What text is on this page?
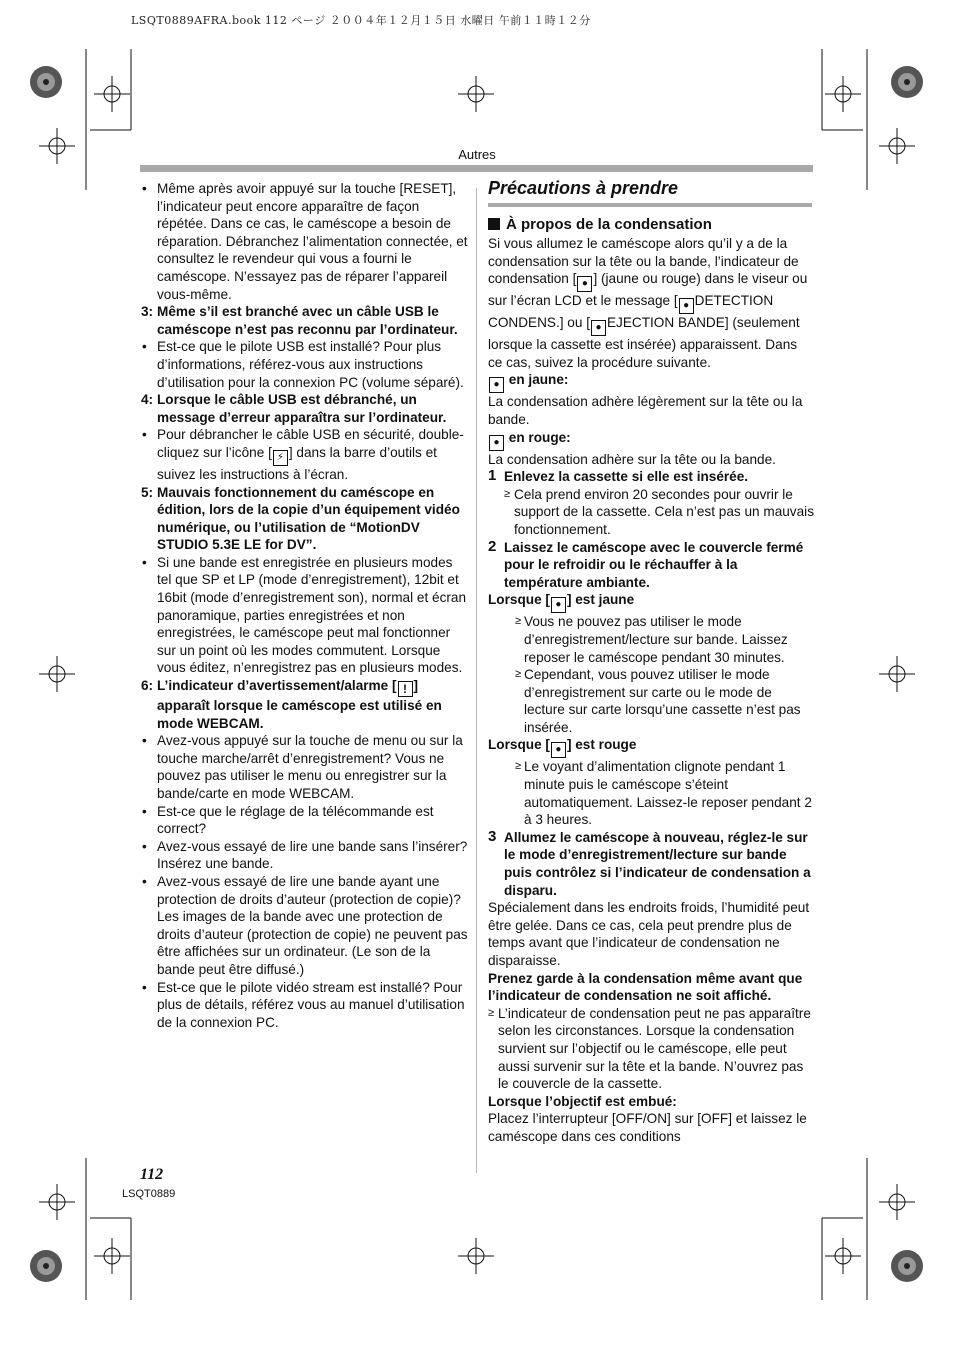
LSQT0889AFRA.book 112 ページ ２００４年１２月１５日 水曜日 午前１１時１２分
Autres

• Même après avoir appuyé sur la touche [RESET], l’indicateur peut encore apparaître de façon répétée. Dans ce cas, le caméscope a besoin de réparation. Débranchez l’alimentation connectée, et consultez le revendeur qui vous a fourni le caméscope. N’essayez pas de réparer l’appareil vous-même.

3: Même s’il est branché avec un câble USB le caméscope n’est pas reconnu par l’ordinateur.

• Est-ce que le pilote USB est installé? Pour plus d’informations, référez-vous aux instructions d’utilisation pour la connexion PC (volume séparé).

4: Lorsque le câble USB est débranché, un message d’erreur apparaîtra sur l’ordinateur.

• Pour débrancher le câble USB en sécurité, double-cliquez sur l’icône [ ⚡ ] dans la barre d’outils et suivez les instructions à l’écran.

5: Mauvais fonctionnement du caméscope en édition, lors de la copie d’un équipement vidéo numérique, ou l’utilisation de “MotionDV STUDIO 5.3E LE for DV”.

• Si une bande est enregistrée en plusieurs modes tel que SP et LP (mode d’enregistrement), 12bit et 16bit (mode d’enregistrement son), normal et écran panoramique, parties enregistrées et non enregistrées, le caméscope peut mal fonctionner sur un point où les modes commutent. Lorsque vous éditez, n’enregistrez pas en plusieurs modes.

6: L’indicateur d’avertissement/alarme [ ! ] apparaît lorsque le caméscope est utilisé en mode WEBCAM.

• Avez-vous appuyé sur la touche de menu ou sur la touche marche/arrêt d’enregistrement? Vous ne pouvez pas utiliser le menu ou enregistrer sur la bande/carte en mode WEBCAM.

• Est-ce que le réglage de la télécommande est correct?

• Avez-vous essayé de lire une bande sans l’insérer? Insérez une bande.

• Avez-vous essayé de lire une bande ayant une protection de droits d’auteur (protection de copie)? Les images de la bande avec une protection de droits d’auteur (protection de copie) ne peuvent pas être affichées sur un ordinateur. (Le son de la bande peut être diffusé.)

• Est-ce que le pilote vidéo stream est installé? Pour plus de détails, référez vous au manuel d’utilisation de la connexion PC.

Précautions à prendre

À propos de la condensation

Si vous allumez le caméscope alors qu’il y a de la condensation sur la tête ou la bande, l’indicateur de condensation [ ● ] (jaune ou rouge) dans le viseur ou sur l’écran LCD et le message [ ● DETECTION CONDENS.] ou [ ● EJECTION BANDE] (seulement lorsque la cassette est insérée) apparaissent. Dans ce cas, suivez la procédure suivante.

● en jaune:

La condensation adhère légèrement sur la tête ou la bande.

● en rouge:

La condensation adhère sur la tête ou la bande.

1 Enlevez la cassette si elle est insérée.

≥ Cela prend environ 20 secondes pour ouvrir le support de la cassette. Cela n’est pas un mauvais fonctionnement.

2 Laissez le caméscope avec le couvercle fermé pour le refroidir ou le réchauffer à la température ambiante.

Lorsque [ ● ] est jaune

≥ Vous ne pouvez pas utiliser le mode d’enregistrement/lecture sur bande. Laissez reposer le caméscope pendant 30 minutes.

≥ Cependant, vous pouvez utiliser le mode d’enregistrement sur carte ou le mode de lecture sur carte lorsqu’une cassette n’est pas insérée.

Lorsque [ ● ] est rouge

≥ Le voyant d’alimentation clignote pendant 1 minute puis le caméscope s’éteint automatiquement. Laissez-le reposer pendant 2 à 3 heures.

3 Allumez le caméscope à nouveau, réglez-le sur le mode d’enregistrement/lecture sur bande puis contrôlez si l’indicateur de condensation a disparu.

Spécialement dans les endroits froids, l’humidité peut être gelée. Dans ce cas, cela peut prendre plus de temps avant que l’indicateur de condensation ne disparaisse.

Prenez garde à la condensation même avant que l’indicateur de condensation ne soit affiché.

≥ L’indicateur de condensation peut ne pas apparaître selon les circonstances. Lorsque la condensation survient sur l’objectif ou le caméscope, elle peut aussi survenir sur la tête et la bande. N’ouvrez pas le couvercle de la cassette.

Lorsque l’objectif est embué:

Placez l’interrupteur [OFF/ON] sur [OFF] et laissez le caméscope dans ces conditions

112
LSQT0889
